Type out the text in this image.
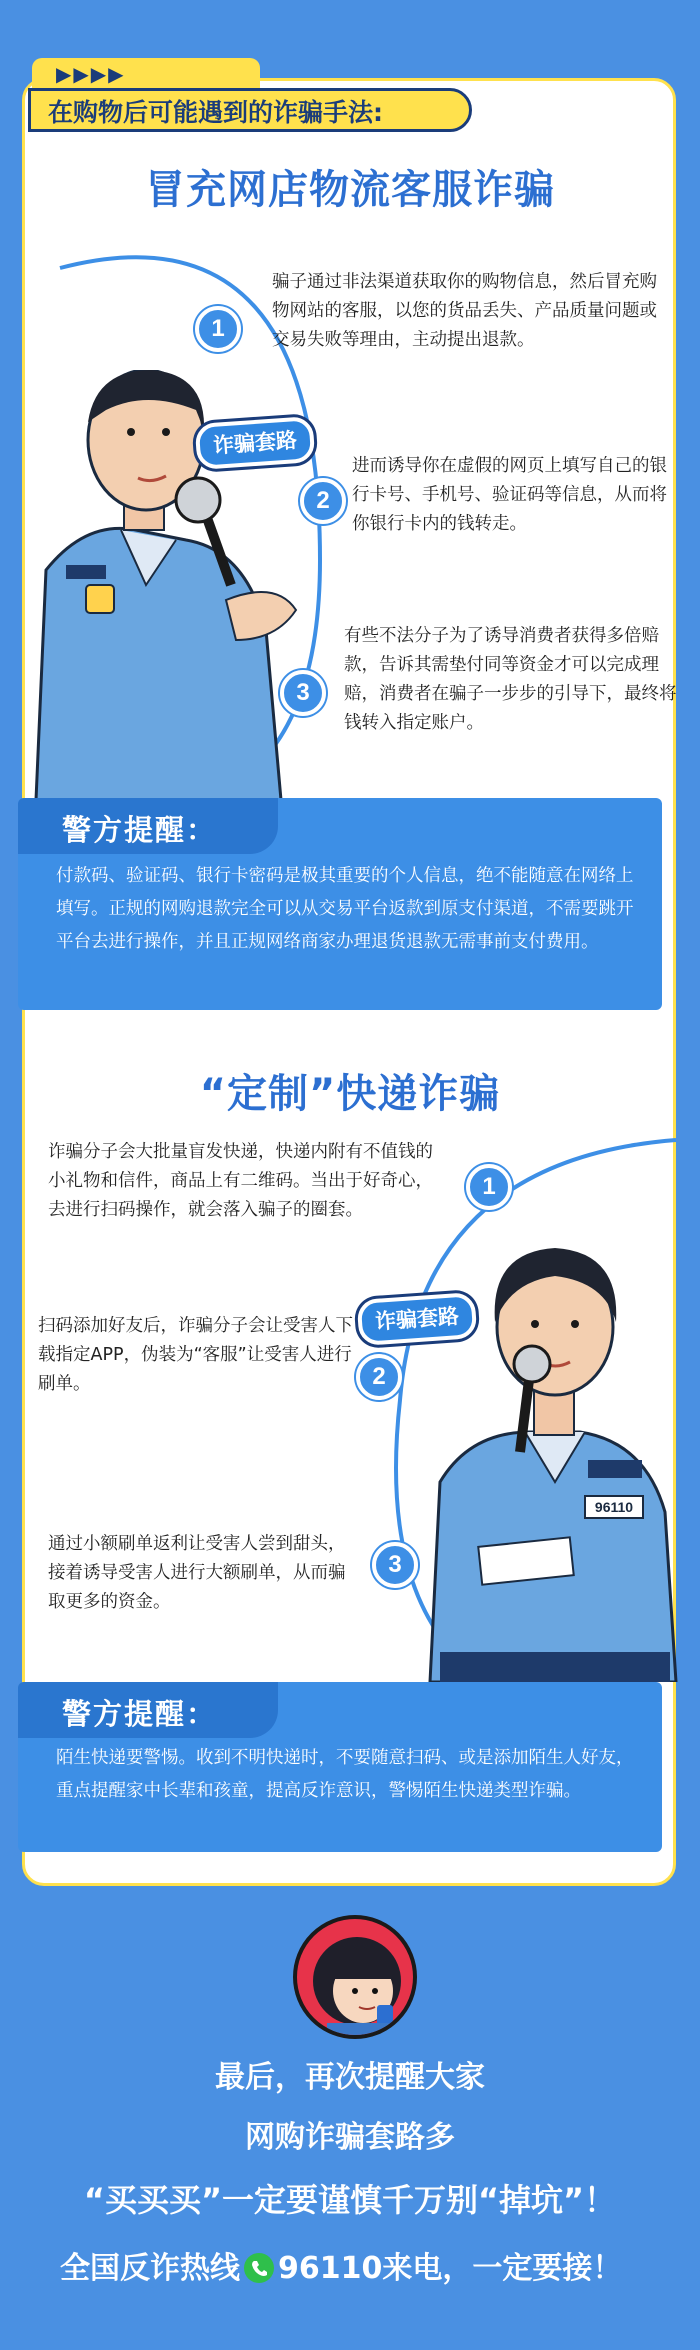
▶▶▶▶
在购物后可能遇到的诈骗手法:
冒充网店物流客服诈骗
诈骗套路
1
骗子通过非法渠道获取你的购物信息，然后冒充购物网站的客服，以您的货品丢失、产品质量问题或交易失败等理由，主动提出退款。
2
进而诱导你在虚假的网页上填写自己的银行卡号、手机号、验证码等信息，从而将你银行卡内的钱转走。
3
有些不法分子为了诱导消费者获得多倍赔款，告诉其需垫付同等资金才可以完成理赔，消费者在骗子一步步的引导下，最终将钱转入指定账户。
警方提醒：
付款码、验证码、银行卡密码是极其重要的个人信息，绝不能随意在网络上填写。正规的网购退款完全可以从交易平台返款到原支付渠道，不需要跳开平台去进行操作，并且正规网络商家办理退货退款无需事前支付费用。
“定制”快递诈骗
96110
诈骗套路
诈骗分子会大批量盲发快递，快递内附有不值钱的小礼物和信件，商品上有二维码。当出于好奇心，去进行扫码操作，就会落入骗子的圈套。
1
扫码添加好友后，诈骗分子会让受害人下载指定APP，伪装为“客服”让受害人进行刷单。	2
通过小额刷单返利让受害人尝到甜头，接着诱导受害人进行大额刷单，从而骗取更多的资金。
3
警方提醒：
陌生快递要警惕。收到不明快递时，不要随意扫码、或是添加陌生人好友，重点提醒家中长辈和孩童，提高反诈意识，警惕陌生快递类型诈骗。
最后，再次提醒大家
网购诈骗套路多
“买买买”一定要谨慎千万别“掉坑”！
全国反诈热线 96110来电，一定要接！
